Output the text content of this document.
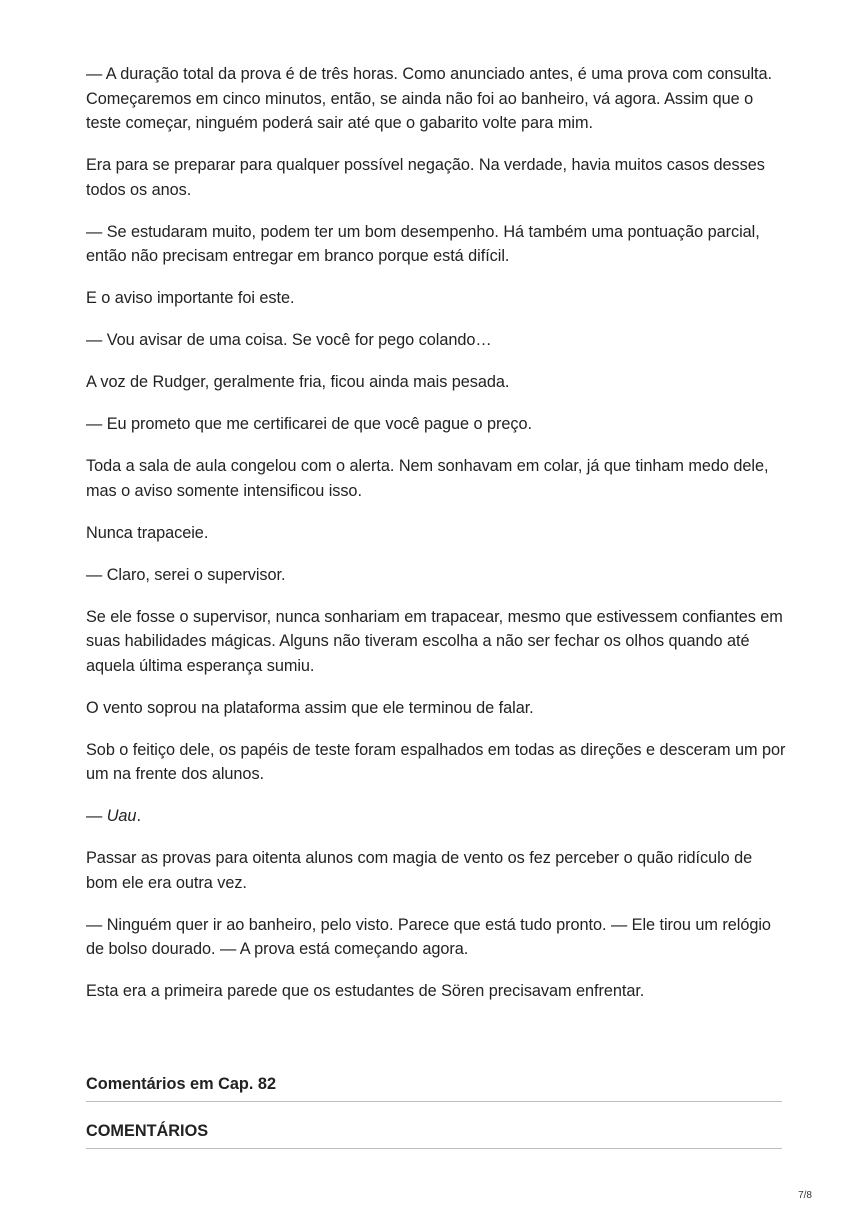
— A duração total da prova é de três horas. Como anunciado antes, é uma prova com consulta. Começaremos em cinco minutos, então, se ainda não foi ao banheiro, vá agora. Assim que o teste começar, ninguém poderá sair até que o gabarito volte para mim.

Era para se preparar para qualquer possível negação. Na verdade, havia muitos casos desses todos os anos.

— Se estudaram muito, podem ter um bom desempenho. Há também uma pontuação parcial, então não precisam entregar em branco porque está difícil.

E o aviso importante foi este.

— Vou avisar de uma coisa. Se você for pego colando…

A voz de Rudger, geralmente fria, ficou ainda mais pesada.

— Eu prometo que me certificarei de que você pague o preço.

Toda a sala de aula congelou com o alerta. Nem sonhavam em colar, já que tinham medo dele, mas o aviso somente intensificou isso.

Nunca trapaceie.

— Claro, serei o supervisor.

Se ele fosse o supervisor, nunca sonhariam em trapacear, mesmo que estivessem confiantes em suas habilidades mágicas. Alguns não tiveram escolha a não ser fechar os olhos quando até aquela última esperança sumiu.

O vento soprou na plataforma assim que ele terminou de falar.

Sob o feitiço dele, os papéis de teste foram espalhados em todas as direções e desceram um por um na frente dos alunos.

— Uau.

Passar as provas para oitenta alunos com magia de vento os fez perceber o quão ridículo de bom ele era outra vez.

— Ninguém quer ir ao banheiro, pelo visto. Parece que está tudo pronto. — Ele tirou um relógio de bolso dourado. — A prova está começando agora.

Esta era a primeira parede que os estudantes de Sören precisavam enfrentar.

Comentários em Cap. 82
COMENTÁRIOS
7/8
